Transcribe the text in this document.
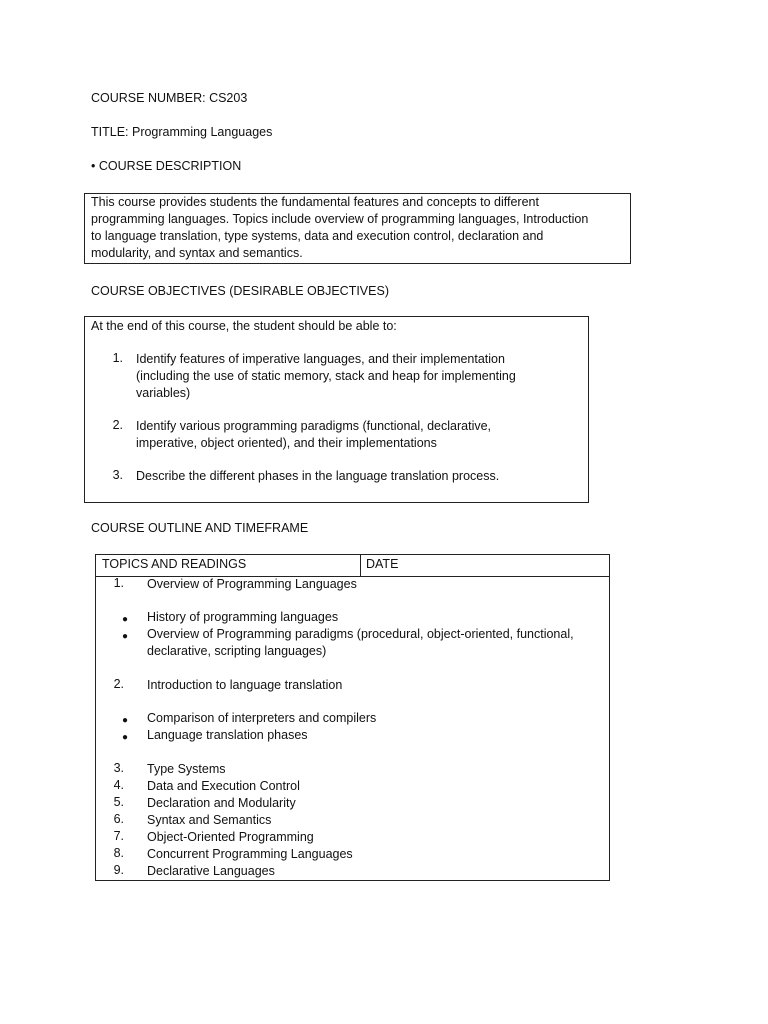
COURSE NUMBER: CS203
TITLE: Programming Languages
• COURSE DESCRIPTION
This course provides students the fundamental features and concepts to different
programming languages. Topics include overview of programming languages, Introduction
to language translation, type systems, data and execution control, declaration and
modularity, and syntax and semantics.
COURSE OBJECTIVES (DESIRABLE OBJECTIVES)
At the end of this course, the student should be able to:
1. Identify features of imperative languages, and their implementation
(including the use of static memory, stack and heap for implementing
variables)
2. Identify various programming paradigms (functional, declarative,
imperative, object oriented), and their implementations
3. Describe the different phases in the language translation process.
COURSE OUTLINE AND TIMEFRAME
TOPICS AND READINGS	DATE
1. Overview of Programming Languages
● History of programming languages
● Overview of Programming paradigms (procedural, object-oriented, functional,
declarative, scripting languages)
2. Introduction to language translation
● Comparison of interpreters and compilers
● Language translation phases
3. Type Systems
4. Data and Execution Control
5. Declaration and Modularity
6. Syntax and Semantics
7. Object-Oriented Programming
8. Concurrent Programming Languages
9. Declarative Languages
